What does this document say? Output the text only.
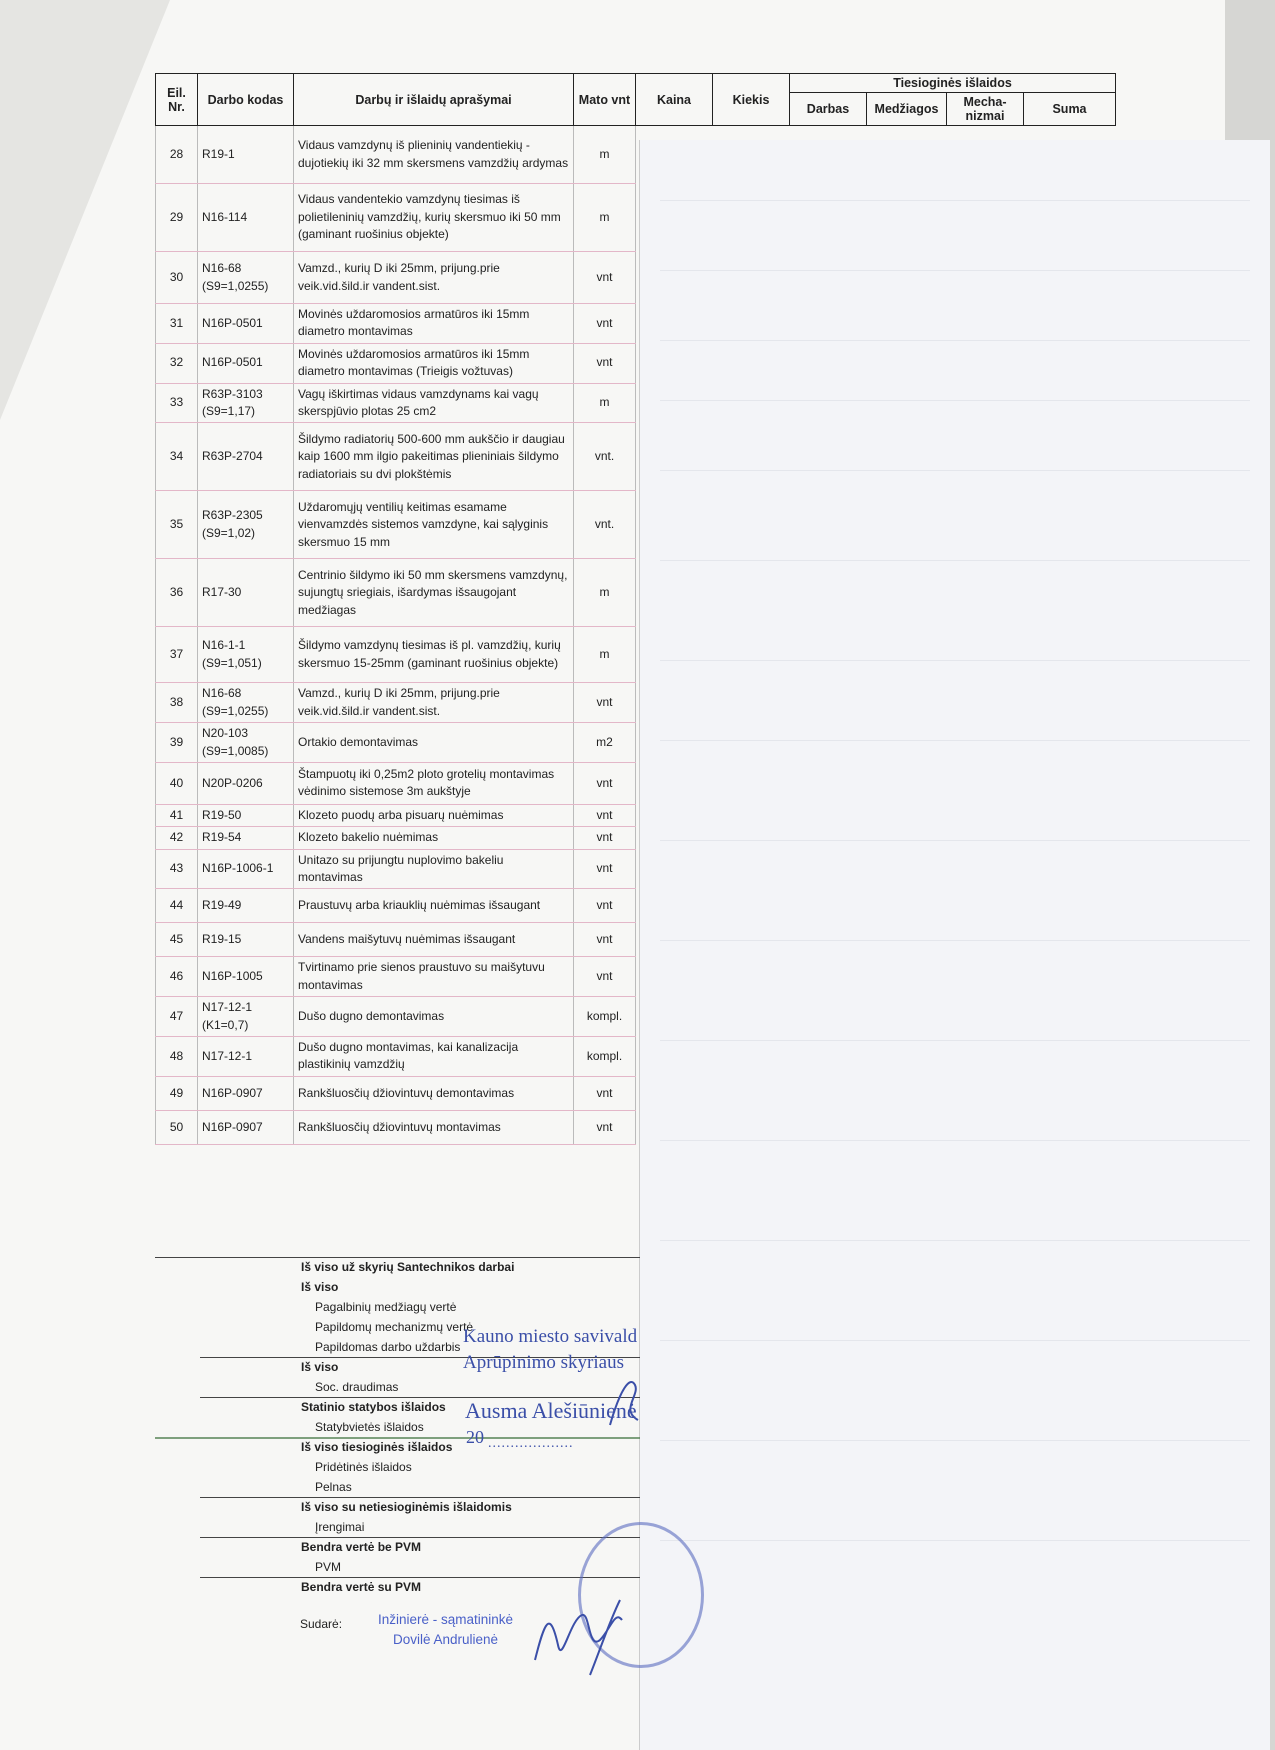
Eil. Nr.	Darbo kodas	Darbų ir išlaidų aprašymai	Mato vnt	Kaina	Kiekis	Tiesioginės išlaidos			
						Darbas	Medžiagos	Mecha-nizmai	Suma
28	R19-1	Vidaus vamzdynų iš plieninių vandentiekių - dujotiekių iki 32 mm skersmens vamzdžių ardymas	m						
29	N16-114	Vidaus vandentekio vamzdynų tiesimas iš polietileninių vamzdžių, kurių skersmuo iki 50 mm (gaminant ruošinius objekte)	m						
30	N16-68 (S9=1,0255)	Vamzd., kurių D iki 25mm, prijung.prie veik.vid.šild.ir vandent.sist.	vnt						
31	N16P-0501	Movinės uždaromosios armatūros iki 15mm diametro montavimas	vnt						
32	N16P-0501	Movinės uždaromosios armatūros iki 15mm diametro montavimas (Trieigis vožtuvas)	vnt						
33	R63P-3103 (S9=1,17)	Vagų iškirtimas vidaus vamzdynams kai vagų skerspjūvio plotas 25 cm2	m						
34	R63P-2704	Šildymo radiatorių 500-600 mm aukščio ir daugiau kaip 1600 mm ilgio pakeitimas plieniniais šildymo radiatoriais su dvi plokštėmis	vnt.						
35	R63P-2305 (S9=1,02)	Uždaromųjų ventilių keitimas esamame vienvamzdės sistemos vamzdyne, kai sąlyginis skersmuo 15 mm	vnt.						
36	R17-30	Centrinio šildymo iki 50 mm skersmens vamzdynų, sujungtų sriegiais, išardymas išsaugojant medžiagas	m						
37	N16-1-1 (S9=1,051)	Šildymo vamzdynų tiesimas iš pl. vamzdžių, kurių skersmuo 15-25mm (gaminant ruošinius objekte)	m						
38	N16-68 (S9=1,0255)	Vamzd., kurių D iki 25mm, prijung.prie veik.vid.šild.ir vandent.sist.	vnt						
39	N20-103 (S9=1,0085)	Ortakio demontavimas	m2						
40	N20P-0206	Štampuotų iki 0,25m2 ploto grotelių montavimas vėdinimo sistemose 3m aukštyje	vnt						
41	R19-50	Klozeto puodų arba pisuarų nuėmimas	vnt						
42	R19-54	Klozeto bakelio nuėmimas	vnt						
43	N16P-1006-1	Unitazo su prijungtu nuplovimo bakeliu montavimas	vnt						
44	R19-49	Praustuvų arba kriauklių nuėmimas išsaugant	vnt						
45	R19-15	Vandens maišytuvų nuėmimas išsaugant	vnt						
46	N16P-1005	Tvirtinamo prie sienos praustuvo su maišytuvu montavimas	vnt						
47	N17-12-1 (K1=0,7)	Dušo dugno demontavimas	kompl.						
48	N17-12-1	Dušo dugno montavimas, kai kanalizacija plastikinių vamzdžių	kompl.						
49	N16P-0907	Rankšluosčių džiovintuvų demontavimas	vnt						
50	N16P-0907	Rankšluosčių džiovintuvų montavimas	vnt						
Iš viso už skyrių Santechnikos darbai
Iš viso
Pagalbinių medžiagų vertė
Papildomų mechanizmų vertė
Papildomas darbo uždarbis
Iš viso
Soc. draudimas
Statinio statybos išlaidos
Statybvietės išlaidos
Iš viso tiesioginės išlaidos
Pridėtinės išlaidos
Pelnas
Iš viso su netiesioginėmis išlaidomis
Įrengimai
Bendra vertė be PVM
PVM
Bendra vertė su PVM
Kauno miesto savivald
Aprūpinimo skyriaus
Ausma Alešiūnienė
20 ...................
Sudarė:	Inžinierė - sąmatininkė
Dovilė Andrulienė
